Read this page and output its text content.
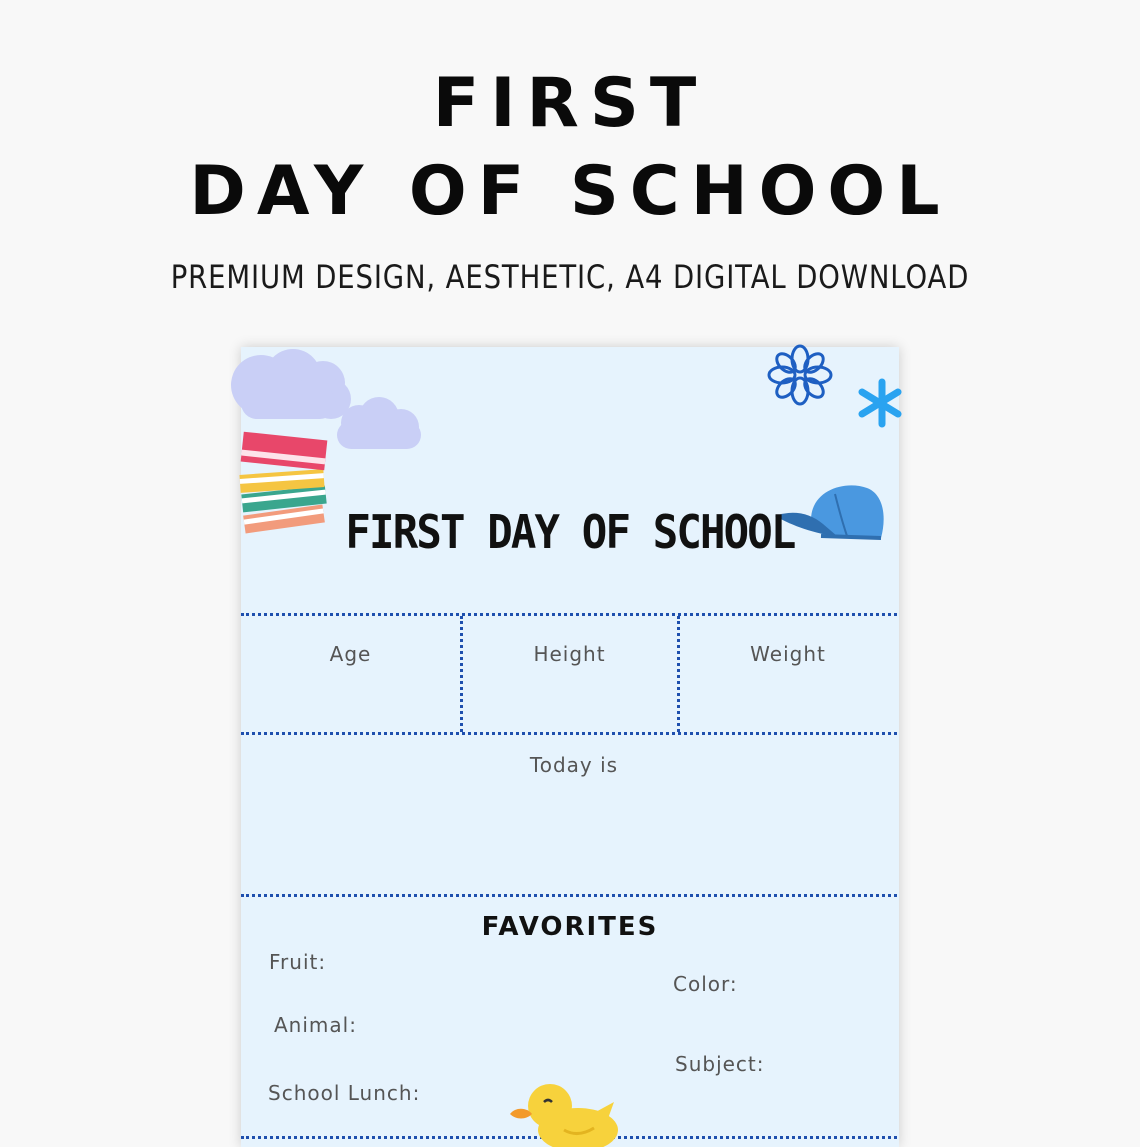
FIRST
DAY OF SCHOOL
PREMIUM DESIGN, AESTHETIC, A4 DIGITAL DOWNLOAD
FIRST DAY OF SCHOOL
Age	Height	Weight
Today is
FAVORITES
Fruit:
Color:
Animal:
Subject:
School Lunch:
